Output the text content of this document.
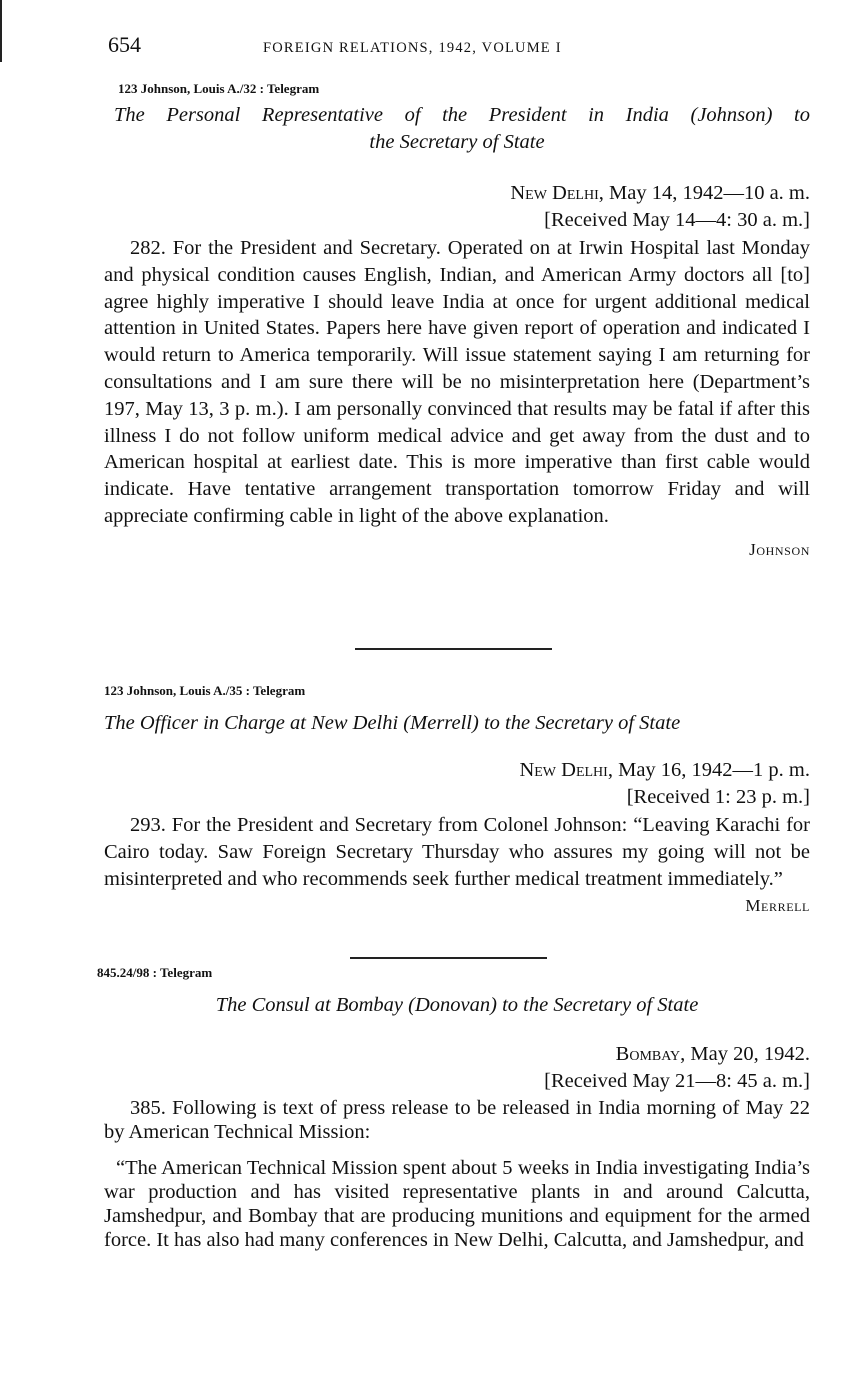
654	FOREIGN RELATIONS, 1942, VOLUME I

123 Johnson, Louis A./32 : Telegram

The Personal Representative of the President in India (Johnson) to
the Secretary of State

New Delhi, May 14, 1942—10 a. m.

[Received May 14—4: 30 a. m.]

282. For the President and Secretary. Operated on at Irwin Hospital last Monday and physical condition causes English, Indian, and American Army doctors all [to] agree highly imperative I should leave India at once for urgent additional medical attention in United States. Papers here have given report of operation and indicated I would return to America temporarily. Will issue statement saying I am returning for consultations and I am sure there will be no misinterpretation here (Department’s 197, May 13, 3 p. m.). I am personally convinced that results may be fatal if after this illness I do not follow uniform medical advice and get away from the dust and to American hospital at earliest date. This is more imperative than first cable would indicate. Have tentative arrangement transportation tomorrow Friday and will appreciate confirming cable in light of the above explanation.

Johnson

123 Johnson, Louis A./35 : Telegram

The Officer in Charge at New Delhi (Merrell) to the Secretary of State

New Delhi, May 16, 1942—1 p. m.

[Received 1: 23 p. m.]

293. For the President and Secretary from Colonel Johnson: “Leaving Karachi for Cairo today. Saw Foreign Secretary Thursday who assures my going will not be misinterpreted and who recommends seek further medical treatment immediately.”

Merrell

845.24/98 : Telegram

The Consul at Bombay (Donovan) to the Secretary of State

Bombay, May 20, 1942.

[Received May 21—8: 45 a. m.]

385. Following is text of press release to be released in India morning of May 22 by American Technical Mission:

“The American Technical Mission spent about 5 weeks in India investigating India’s war production and has visited representative plants in and around Calcutta, Jamshedpur, and Bombay that are producing munitions and equipment for the armed force. It has also had many conferences in New Delhi, Calcutta, and Jamshedpur, and
